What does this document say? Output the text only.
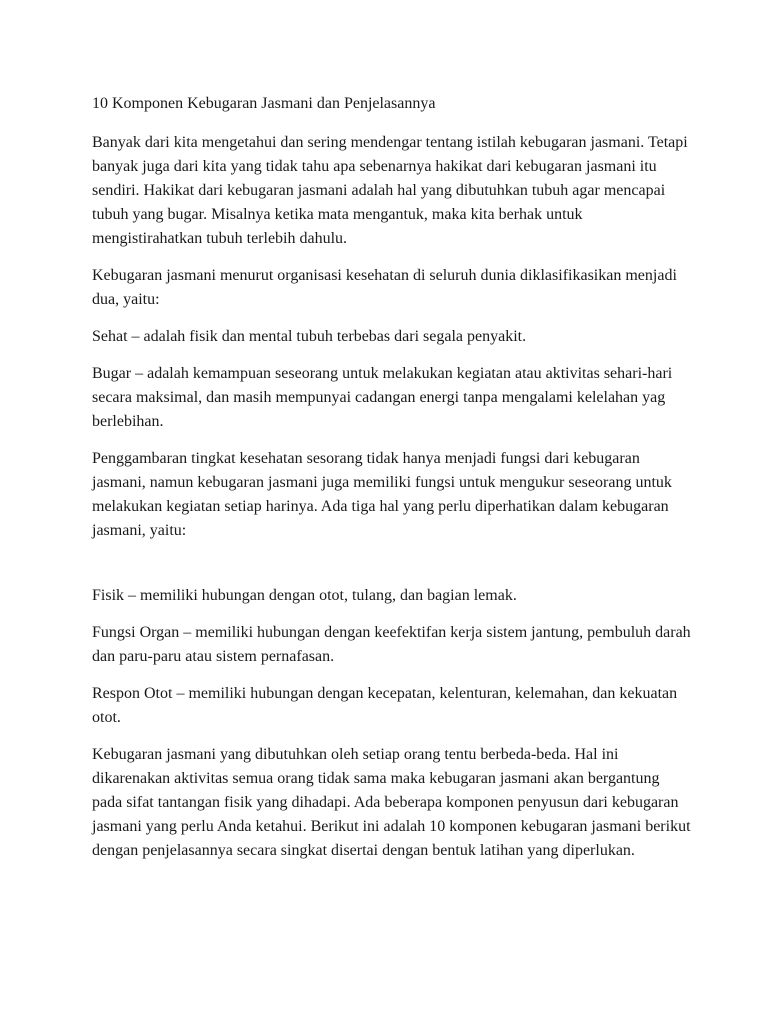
10 Komponen Kebugaran Jasmani dan Penjelasannya

Banyak dari kita mengetahui dan sering mendengar tentang istilah kebugaran jasmani. Tetapi banyak juga dari kita yang tidak tahu apa sebenarnya hakikat dari kebugaran jasmani itu sendiri. Hakikat dari kebugaran jasmani adalah hal yang dibutuhkan tubuh agar mencapai tubuh yang bugar. Misalnya ketika mata mengantuk, maka kita berhak untuk mengistirahatkan tubuh terlebih dahulu.

Kebugaran jasmani menurut organisasi kesehatan di seluruh dunia diklasifikasikan menjadi dua, yaitu:

Sehat – adalah fisik dan mental tubuh terbebas dari segala penyakit.

Bugar – adalah kemampuan seseorang untuk melakukan kegiatan atau aktivitas sehari-hari secara maksimal, dan masih mempunyai cadangan energi tanpa mengalami kelelahan yag berlebihan.

Penggambaran tingkat kesehatan sesorang tidak hanya menjadi fungsi dari kebugaran jasmani, namun kebugaran jasmani juga memiliki fungsi untuk mengukur seseorang untuk melakukan kegiatan setiap harinya. Ada tiga hal yang perlu diperhatikan dalam kebugaran jasmani, yaitu:

Fisik – memiliki hubungan dengan otot, tulang, dan bagian lemak.

Fungsi Organ – memiliki hubungan dengan keefektifan kerja sistem jantung, pembuluh darah dan paru-paru atau sistem pernafasan.

Respon Otot – memiliki hubungan dengan kecepatan, kelenturan, kelemahan, dan kekuatan otot.

Kebugaran jasmani yang dibutuhkan oleh setiap orang tentu berbeda-beda. Hal ini dikarenakan aktivitas semua orang tidak sama maka kebugaran jasmani akan bergantung pada sifat tantangan fisik yang dihadapi. Ada beberapa komponen penyusun dari kebugaran jasmani yang perlu Anda ketahui. Berikut ini adalah 10 komponen kebugaran jasmani berikut dengan penjelasannya secara singkat disertai dengan bentuk latihan yang diperlukan.
